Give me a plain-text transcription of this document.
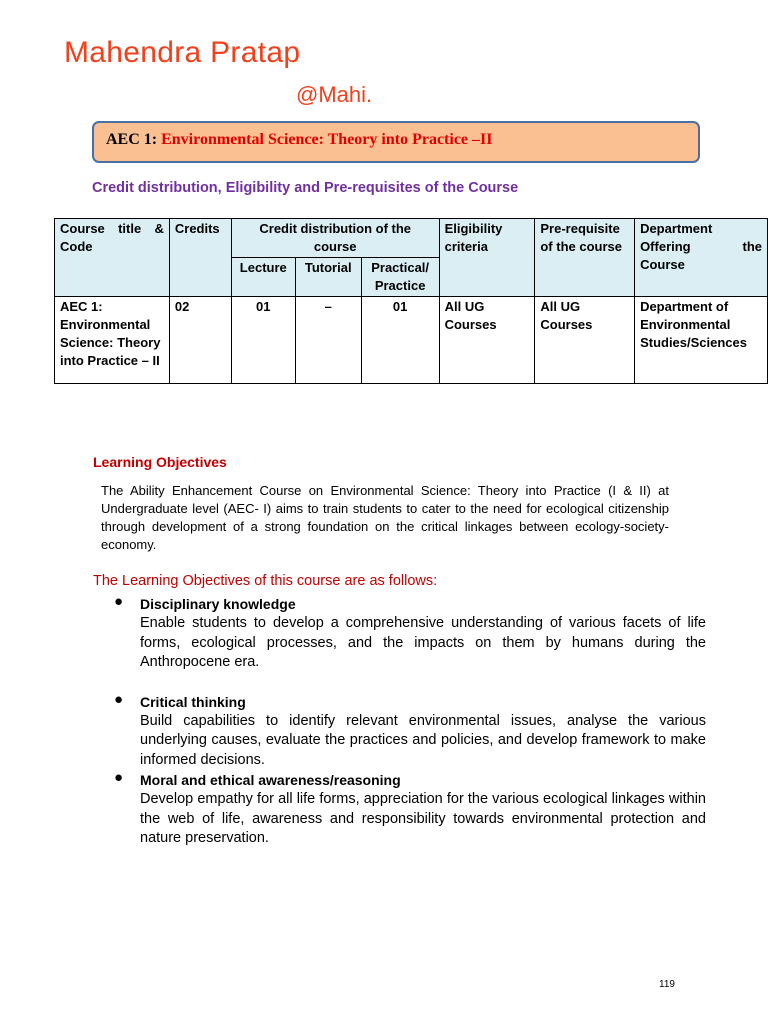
Mahendra Pratap
@Mahi.
AEC 1: Environmental Science: Theory into Practice –II
Credit distribution, Eligibility and Pre-requisites of the Course
Course title & Code	Credits	Credit distribution of the course			Eligibility criteria	Pre-requisite of the course	Department Offering the Course
		Lecture	Tutorial	Practical/ Practice			
AEC 1: Environmental Science: Theory into Practice – II	02	01	–	01	All UG Courses	All UG Courses	Department of Environmental Studies/Sciences
Learning Objectives
The Ability Enhancement Course on Environmental Science: Theory into Practice (I & II) at Undergraduate level (AEC- I) aims to train students to cater to the need for ecological citizenship through development of a strong foundation on the critical linkages between ecology-society-economy.
The Learning Objectives of this course are as follows:
● Disciplinary knowledge
Enable students to develop a comprehensive understanding of various facets of life forms, ecological processes, and the impacts on them by humans during the Anthropocene era.
● Critical thinking
Build capabilities to identify relevant environmental issues, analyse the various underlying causes, evaluate the practices and policies, and develop framework to make informed decisions.
● Moral and ethical awareness/reasoning
Develop empathy for all life forms, appreciation for the various ecological linkages within the web of life, awareness and responsibility towards environmental protection and nature preservation.
119
